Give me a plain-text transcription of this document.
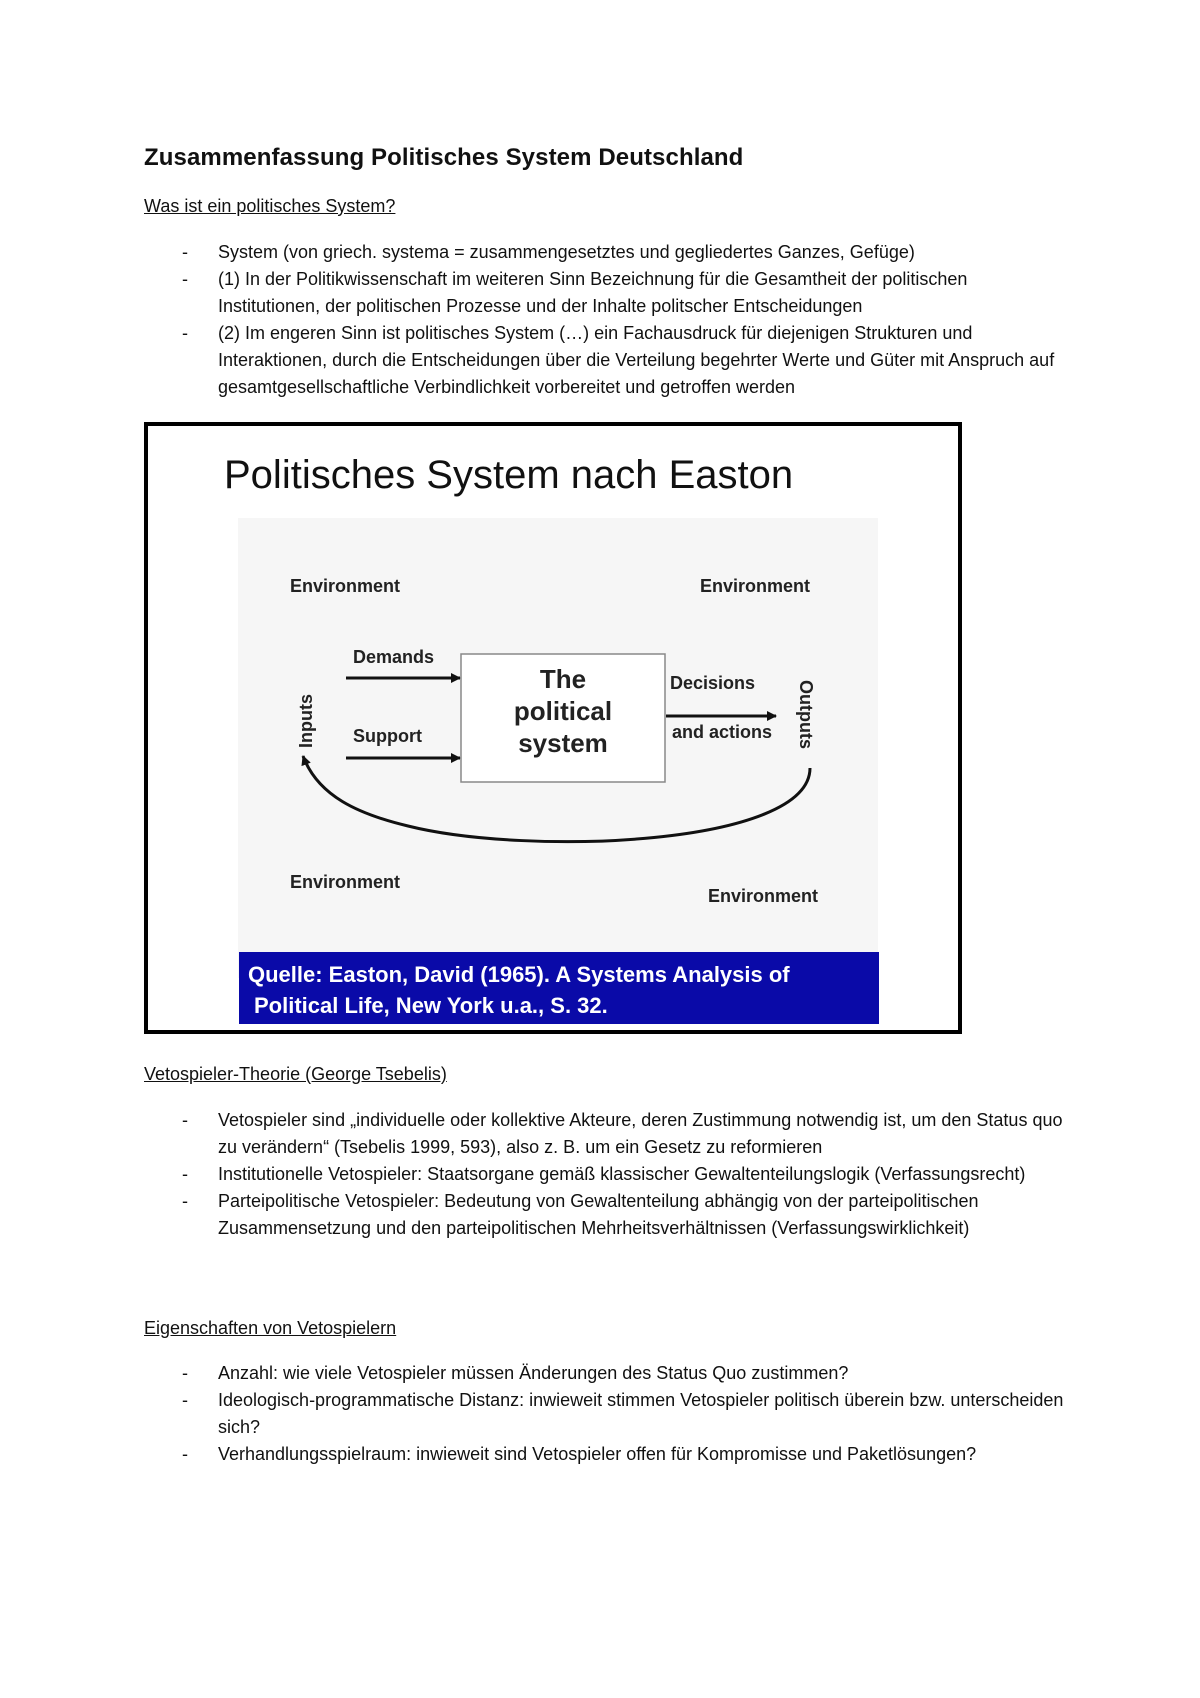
Zusammenfassung Politisches System Deutschland

Was ist ein politisches System?

- System (von griech. systema = zusammengesetztes und gegliedertes Ganzes, Gefüge)
- (1) In der Politikwissenschaft im weiteren Sinn Bezeichnung für die Gesamtheit der politischen Institutionen, der politischen Prozesse und der Inhalte politscher Entscheidungen
- (2) Im engeren Sinn ist politisches System (…) ein Fachausdruck für diejenigen Strukturen und Interaktionen, durch die Entscheidungen über die Verteilung begehrter Werte und Güter mit Anspruch auf gesamtgesellschaftliche Verbindlichkeit vorbereitet und getroffen werden
Politisches System nach Easton
Environment	Environment
Environment
Environment
Demands
Support
The
political
system
Decisions
and actions
Inputs	Outputs
Quelle: Easton, David (1965). A Systems Analysis of
Political Life, New York u.a., S. 32.

Vetospieler-Theorie (George Tsebelis)

- Vetospieler sind „individuelle oder kollektive Akteure, deren Zustimmung notwendig ist, um den Status quo zu verändern“ (Tsebelis 1999, 593), also z. B. um ein Gesetz zu reformieren
- Institutionelle Vetospieler: Staatsorgane gemäß klassischer Gewaltenteilungslogik (Verfassungsrecht)
- Parteipolitische Vetospieler: Bedeutung von Gewaltenteilung abhängig von der parteipolitischen Zusammensetzung und den parteipolitischen Mehrheitsverhältnissen (Verfassungswirklichkeit)

Eigenschaften von Vetospielern

- Anzahl: wie viele Vetospieler müssen Änderungen des Status Quo zustimmen?
- Ideologisch-programmatische Distanz: inwieweit stimmen Vetospieler politisch überein bzw. unterscheiden sich?
- Verhandlungsspielraum: inwieweit sind Vetospieler offen für Kompromisse und Paketlösungen?
